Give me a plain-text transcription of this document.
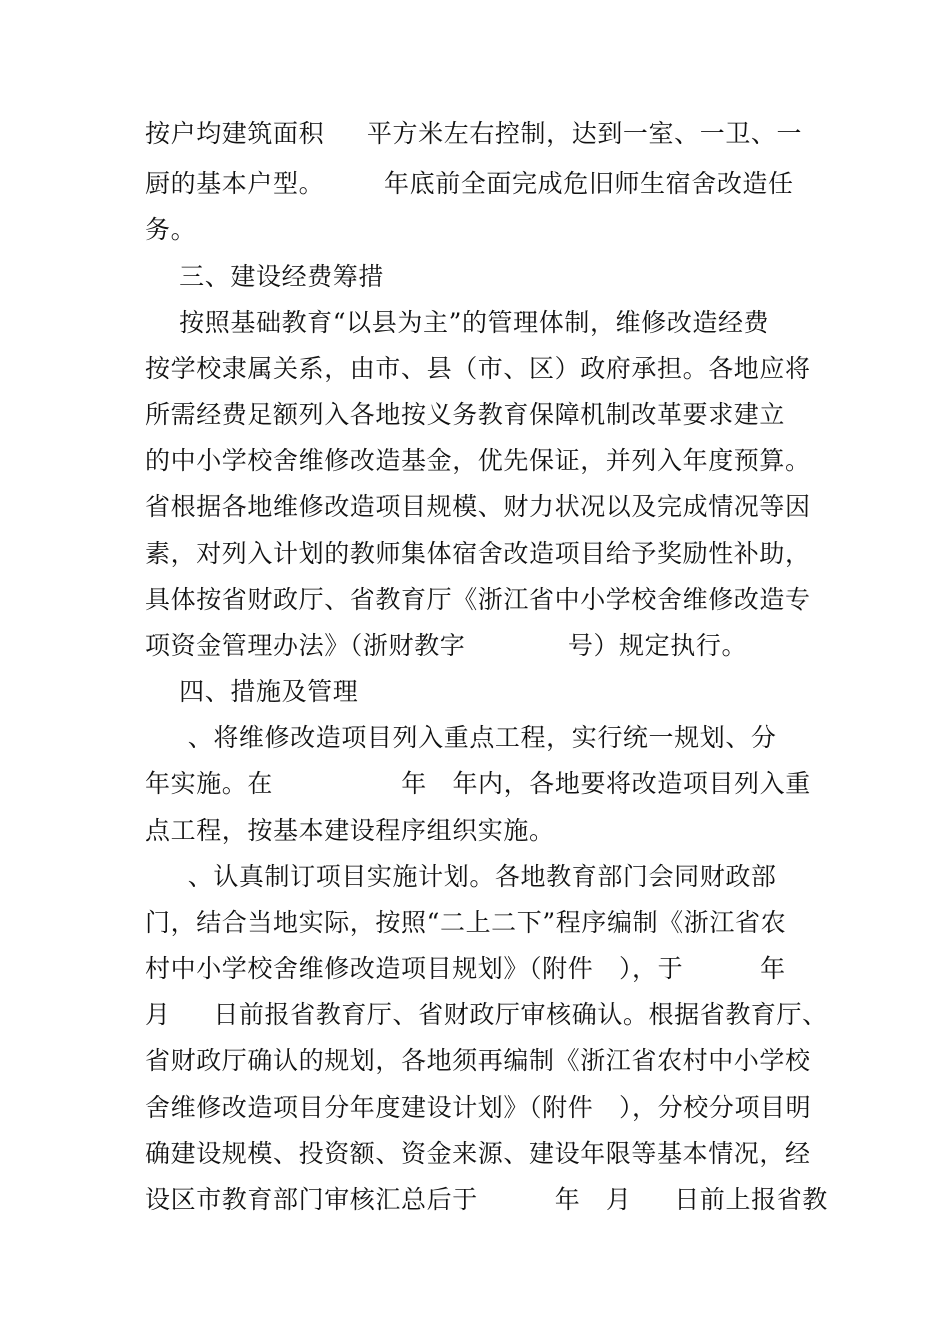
按户均建筑面积     平方米左右控制，达到一室、一卫、一
厨的基本户型。       年底前全面完成危旧师生宿舍改造任
务。
三、建设经费筹措
按照基础教育“以县为主”的管理体制，维修改造经费
按学校隶属关系，由市、县（市、区）政府承担。各地应将
所需经费足额列入各地按义务教育保障机制改革要求建立
的中小学校舍维修改造基金，优先保证，并列入年度预算。
省根据各地维修改造项目规模、财力状况以及完成情况等因
素，对列入计划的教师集体宿舍改造项目给予奖励性补助，
具体按省财政厅、省教育厅《浙江省中小学校舍维修改造专
项资金管理办法》（浙财教字            号）规定执行。
四、措施及管理
、将维修改造项目列入重点工程，实行统一规划、分
年实施。在               年   年内，各地要将改造项目列入重
点工程，按基本建设程序组织实施。
、认真制订项目实施计划。各地教育部门会同财政部
门，结合当地实际，按照“二上二下”程序编制《浙江省农
村中小学校舍维修改造项目规划》（附件   ），于         年
月     日前报省教育厅、省财政厅审核确认。根据省教育厅、
省财政厅确认的规划，各地须再编制《浙江省农村中小学校
舍维修改造项目分年度建设计划》（附件   ），分校分项目明
确建设规模、投资额、资金来源、建设年限等基本情况，经
设区市教育部门审核汇总后于         年   月     日前上报省教
